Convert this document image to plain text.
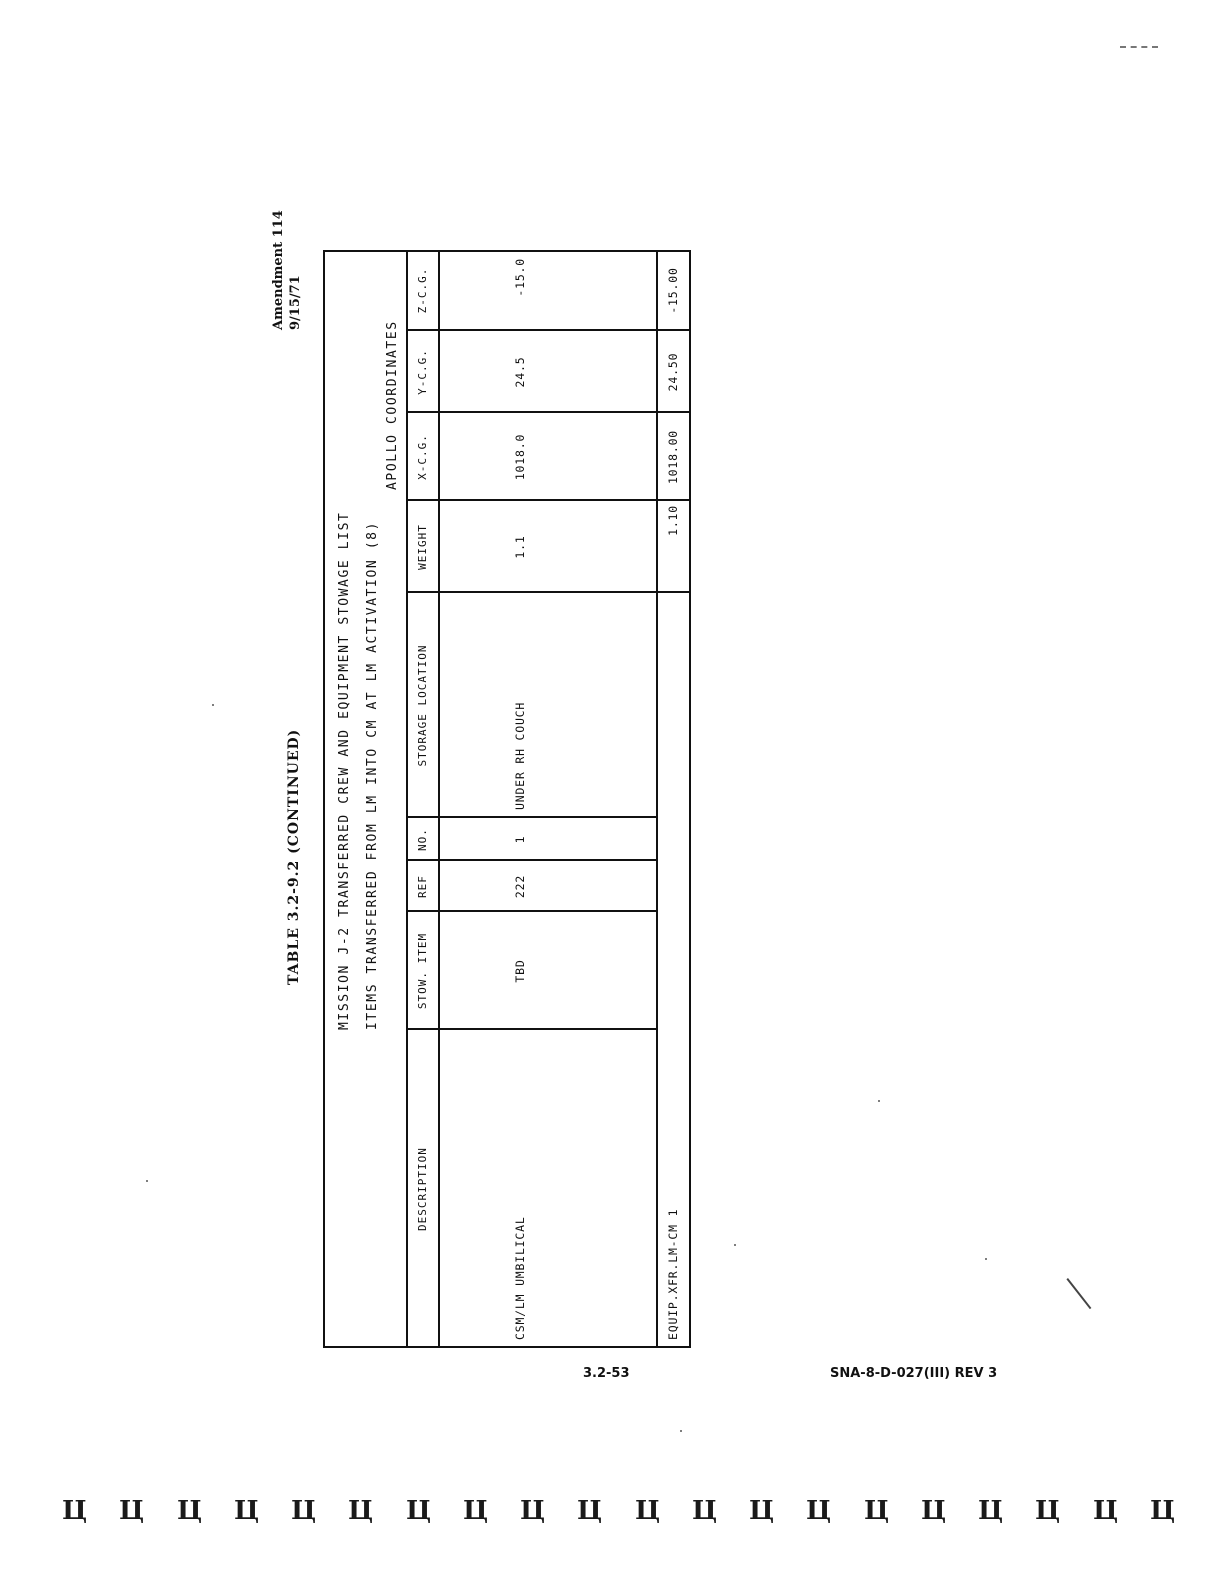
Amendment 114 9/15/71
TABLE 3.2-9.2 (CONTINUED)	MISSION J-2 TRANSFERRED CREW AND EQUIPMENT STOWAGE LIST ITEMS TRANSFERRED FROM LM INTO CM AT LM ACTIVATION (8)
APOLLO COORDINATES
DESCRIPTION
STOW. ITEM
REF
NO.
STORAGE LOCATION
WEIGHT
X-C.G.
Y-C.G.
Z-C.G.
CSM/LM UMBILICAL
TBD
222
1
UNDER RH COUCH
1.1
1018.0
24.5
-15.0
EQUIP.XFR.LM-CM 1
1.10
1018.00
24.50
-15.00
3.2-53	SNA-8-D-027(III) REV 3
Ц Ц Ц Ц Ц Ц Ц Ц Ц Ц Ц Ц Ц Ц Ц Ц Ц Ц Ц Ц
